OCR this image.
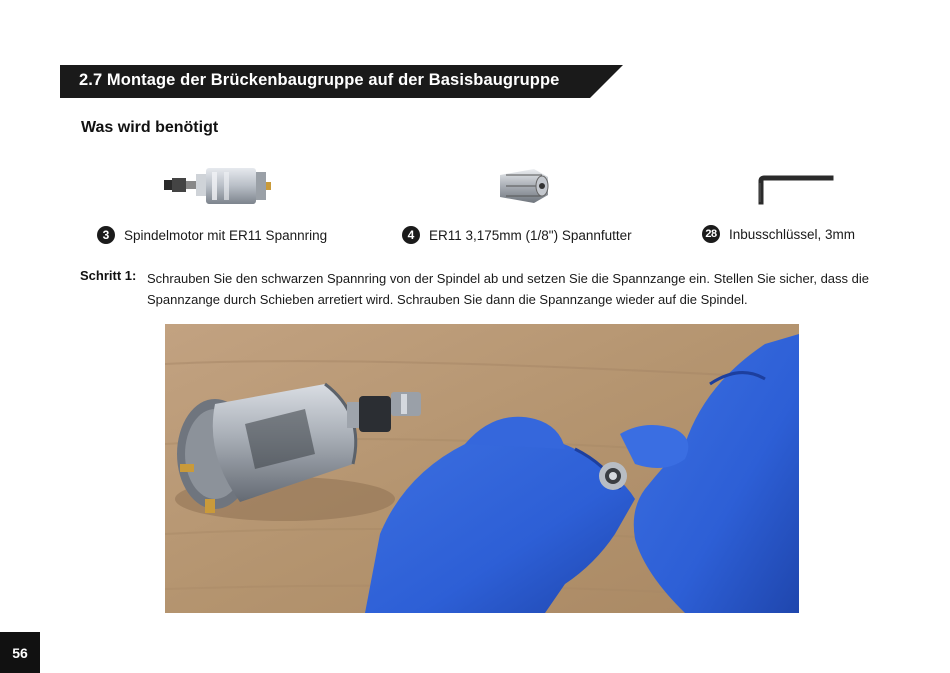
2.7 Montage der Brückenbaugruppe auf der Basisbaugruppe
Was wird benötigt
3	Spindelmotor mit ER11 Spannring	4	ER11 3,175mm (1/8") Spannfutter	28 Inbusschlüssel, 3mm
Schritt 1: Schrauben Sie den schwarzen Spannring von der Spindel ab und setzen Sie die Spannzange ein. Stellen Sie sicher, dass die Spannzange durch Schieben arretiert wird. Schrauben Sie dann die Spannzange wieder auf die Spindel.
56
